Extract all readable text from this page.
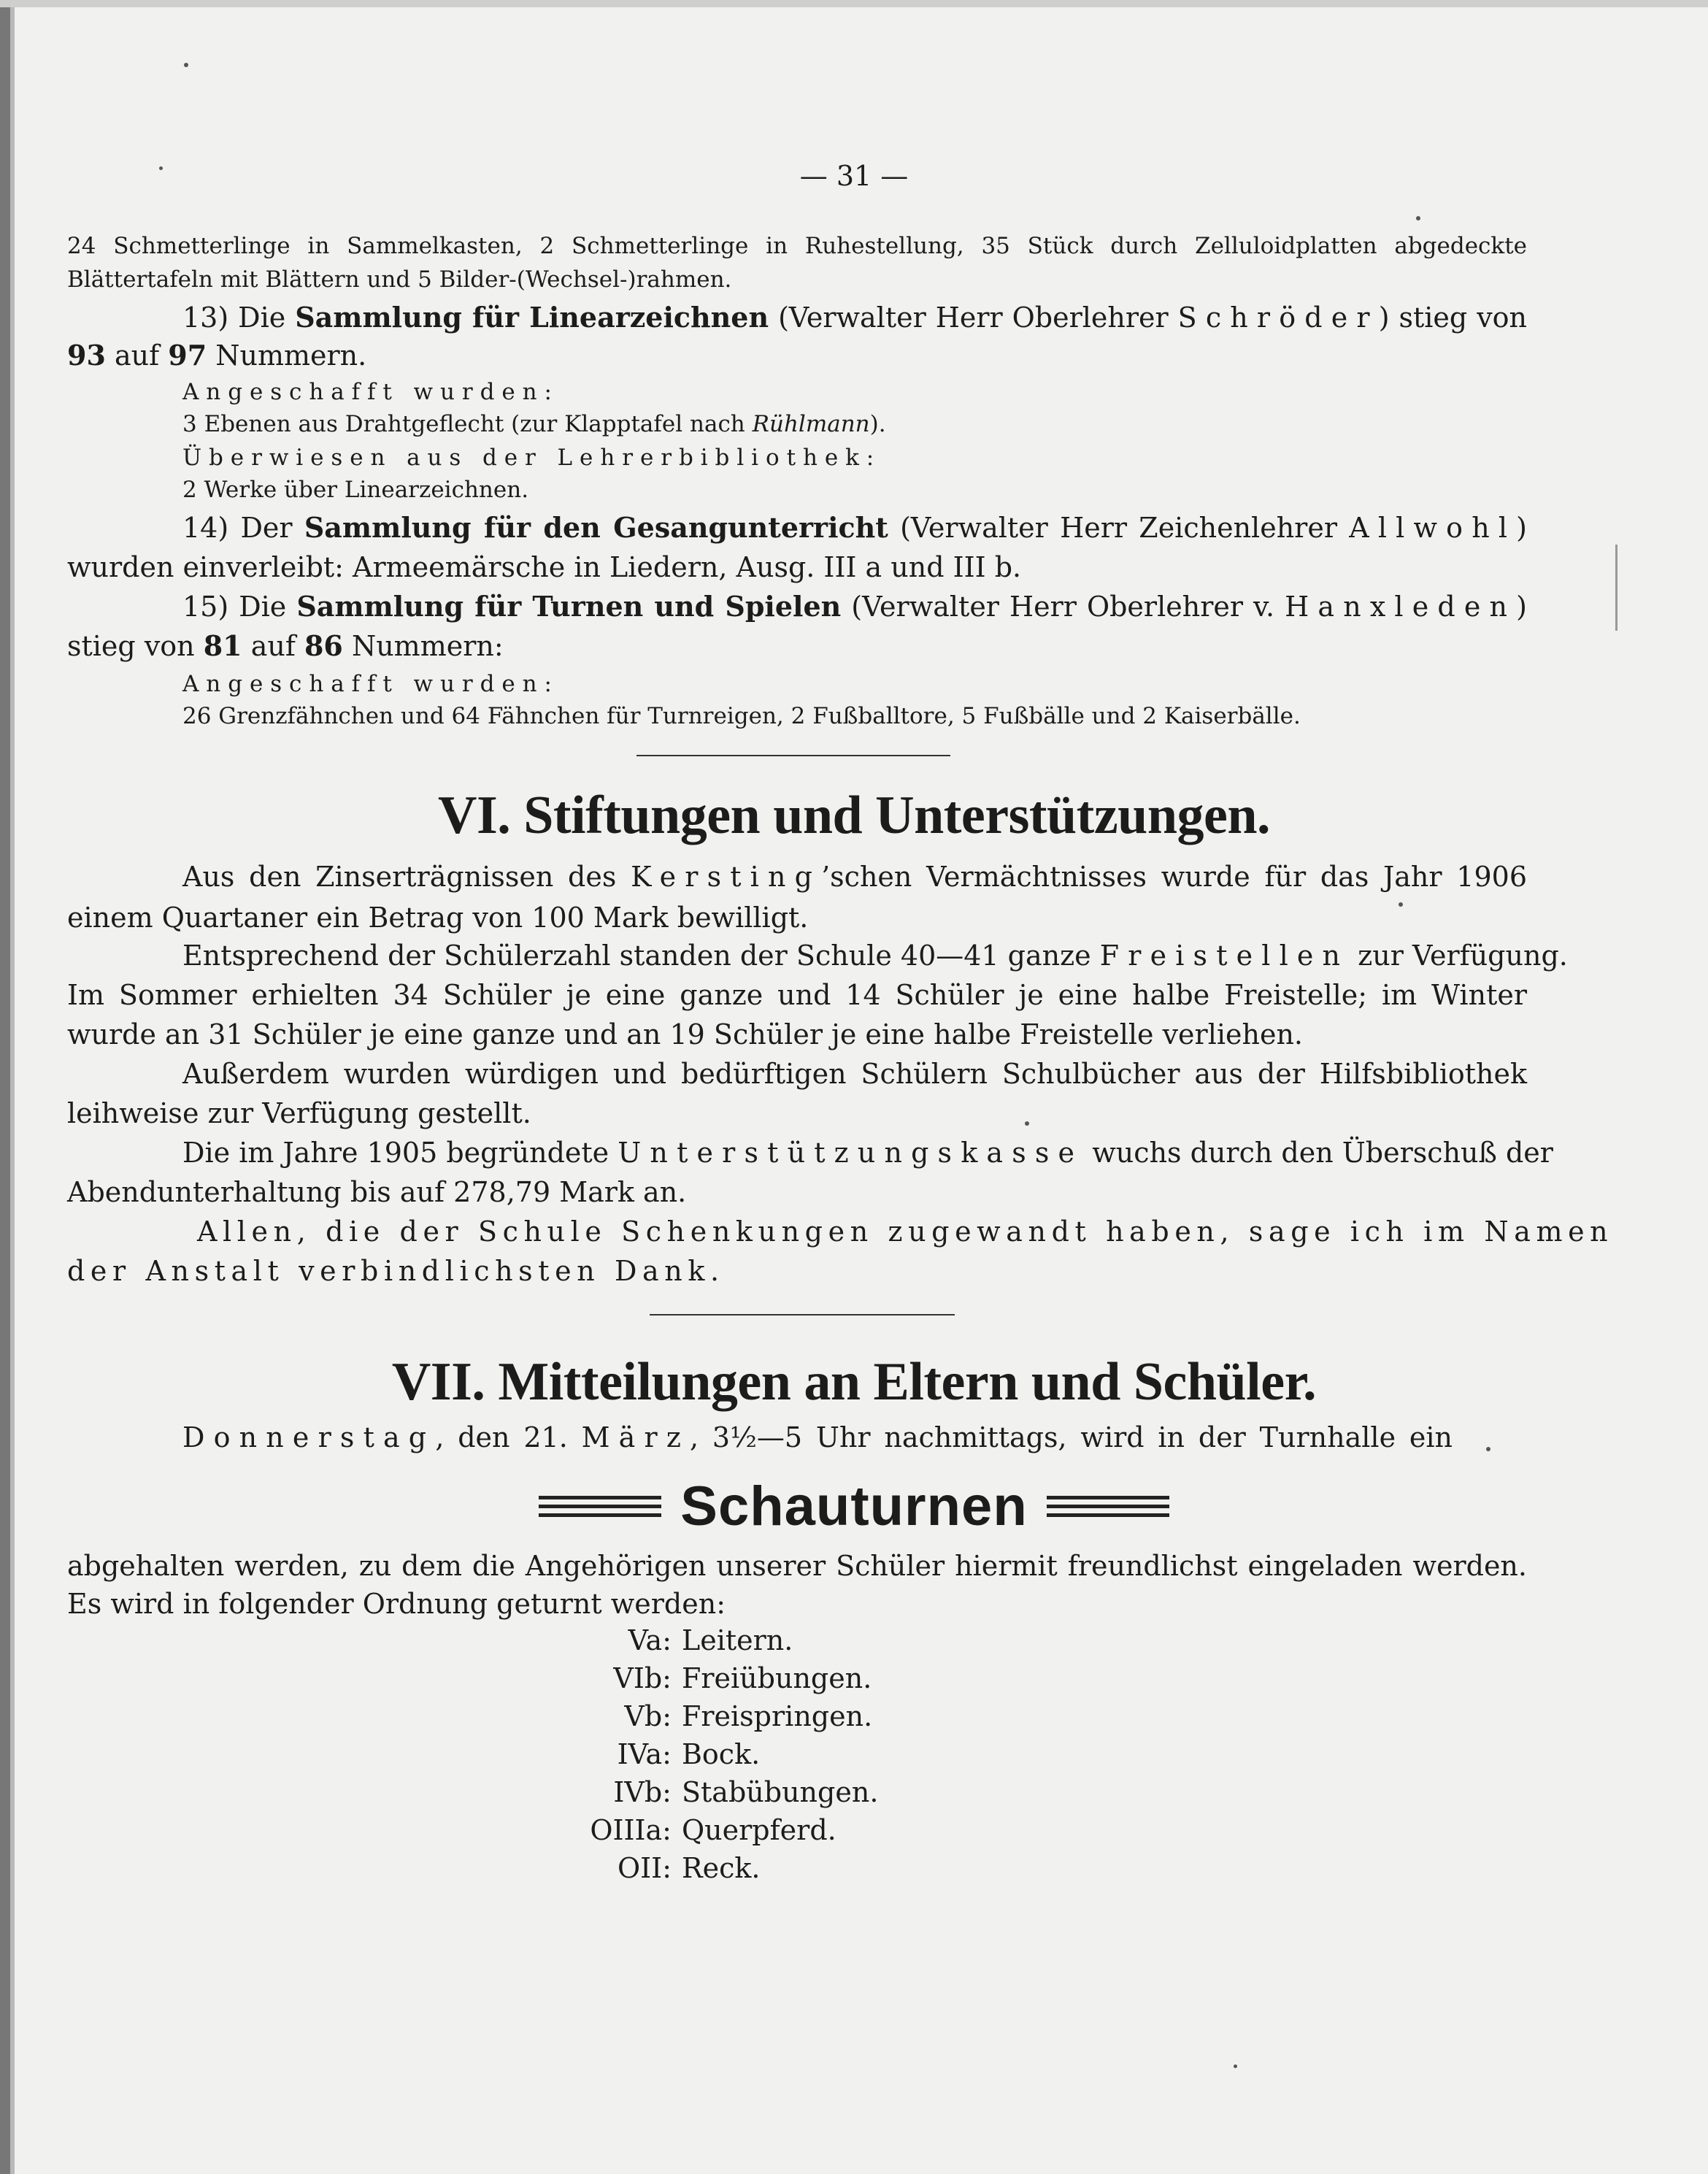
— 31 —
24 Schmetterlinge in Sammelkasten, 2 Schmetterlinge in Ruhestellung, 35 Stück durch Zelluloidplatten abgedeckte
Blättertafeln mit Blättern und 5 Bilder-(Wechsel-)rahmen.
13) Die Sammlung für Linearzeichnen (Verwalter Herr Oberlehrer Schröder) stieg von
93 auf 97 Nummern.
Angeschafft wurden:
3 Ebenen aus Drahtgeflecht (zur Klapptafel nach Rühlmann).
Überwiesen aus der Lehrerbibliothek:
2 Werke über Linearzeichnen.
14) Der Sammlung für den Gesangunterricht (Verwalter Herr Zeichenlehrer Allwohl)
wurden einverleibt: Armeemärsche in Liedern, Ausg. III a und III b.
15) Die Sammlung für Turnen und Spielen (Verwalter Herr Oberlehrer v. Hanxleden)
stieg von 81 auf 86 Nummern:
Angeschafft wurden:
26 Grenzfähnchen und 64 Fähnchen für Turnreigen, 2 Fußballtore, 5 Fußbälle und 2 Kaiserbälle.
VI. Stiftungen und Unterstützungen.
Aus den Zinserträgnissen des Kersting’schen Vermächtnisses wurde für das Jahr 1906
einem Quartaner ein Betrag von 100 Mark bewilligt.
Entsprechend der Schülerzahl standen der Schule 40—41 ganze Freistellen zur Verfügung.
Im Sommer erhielten 34 Schüler je eine ganze und 14 Schüler je eine halbe Freistelle; im Winter
wurde an 31 Schüler je eine ganze und an 19 Schüler je eine halbe Freistelle verliehen.
Außerdem wurden würdigen und bedürftigen Schülern Schulbücher aus der Hilfsbibliothek
leihweise zur Verfügung gestellt.
Die im Jahre 1905 begründete Unterstützungskasse wuchs durch den Überschuß der
Abendunterhaltung bis auf 278,79 Mark an.
Allen, die der Schule Schenkungen zugewandt haben, sage ich im Namen
der Anstalt verbindlichsten Dank.
VII. Mitteilungen an Eltern und Schüler.
Donnerstag, den 21. März, 3½—5 Uhr nachmittags, wird in der Turnhalle ein
Schauturnen
abgehalten werden, zu dem die Angehörigen unserer Schüler hiermit freundlichst eingeladen werden.
Es wird in folgender Ordnung geturnt werden:
Va: Leitern.
VIb: Freiübungen.
Vb: Freispringen.
IVa: Bock.
IVb: Stabübungen.
OIIIa: Querpferd.
OII: Reck.
